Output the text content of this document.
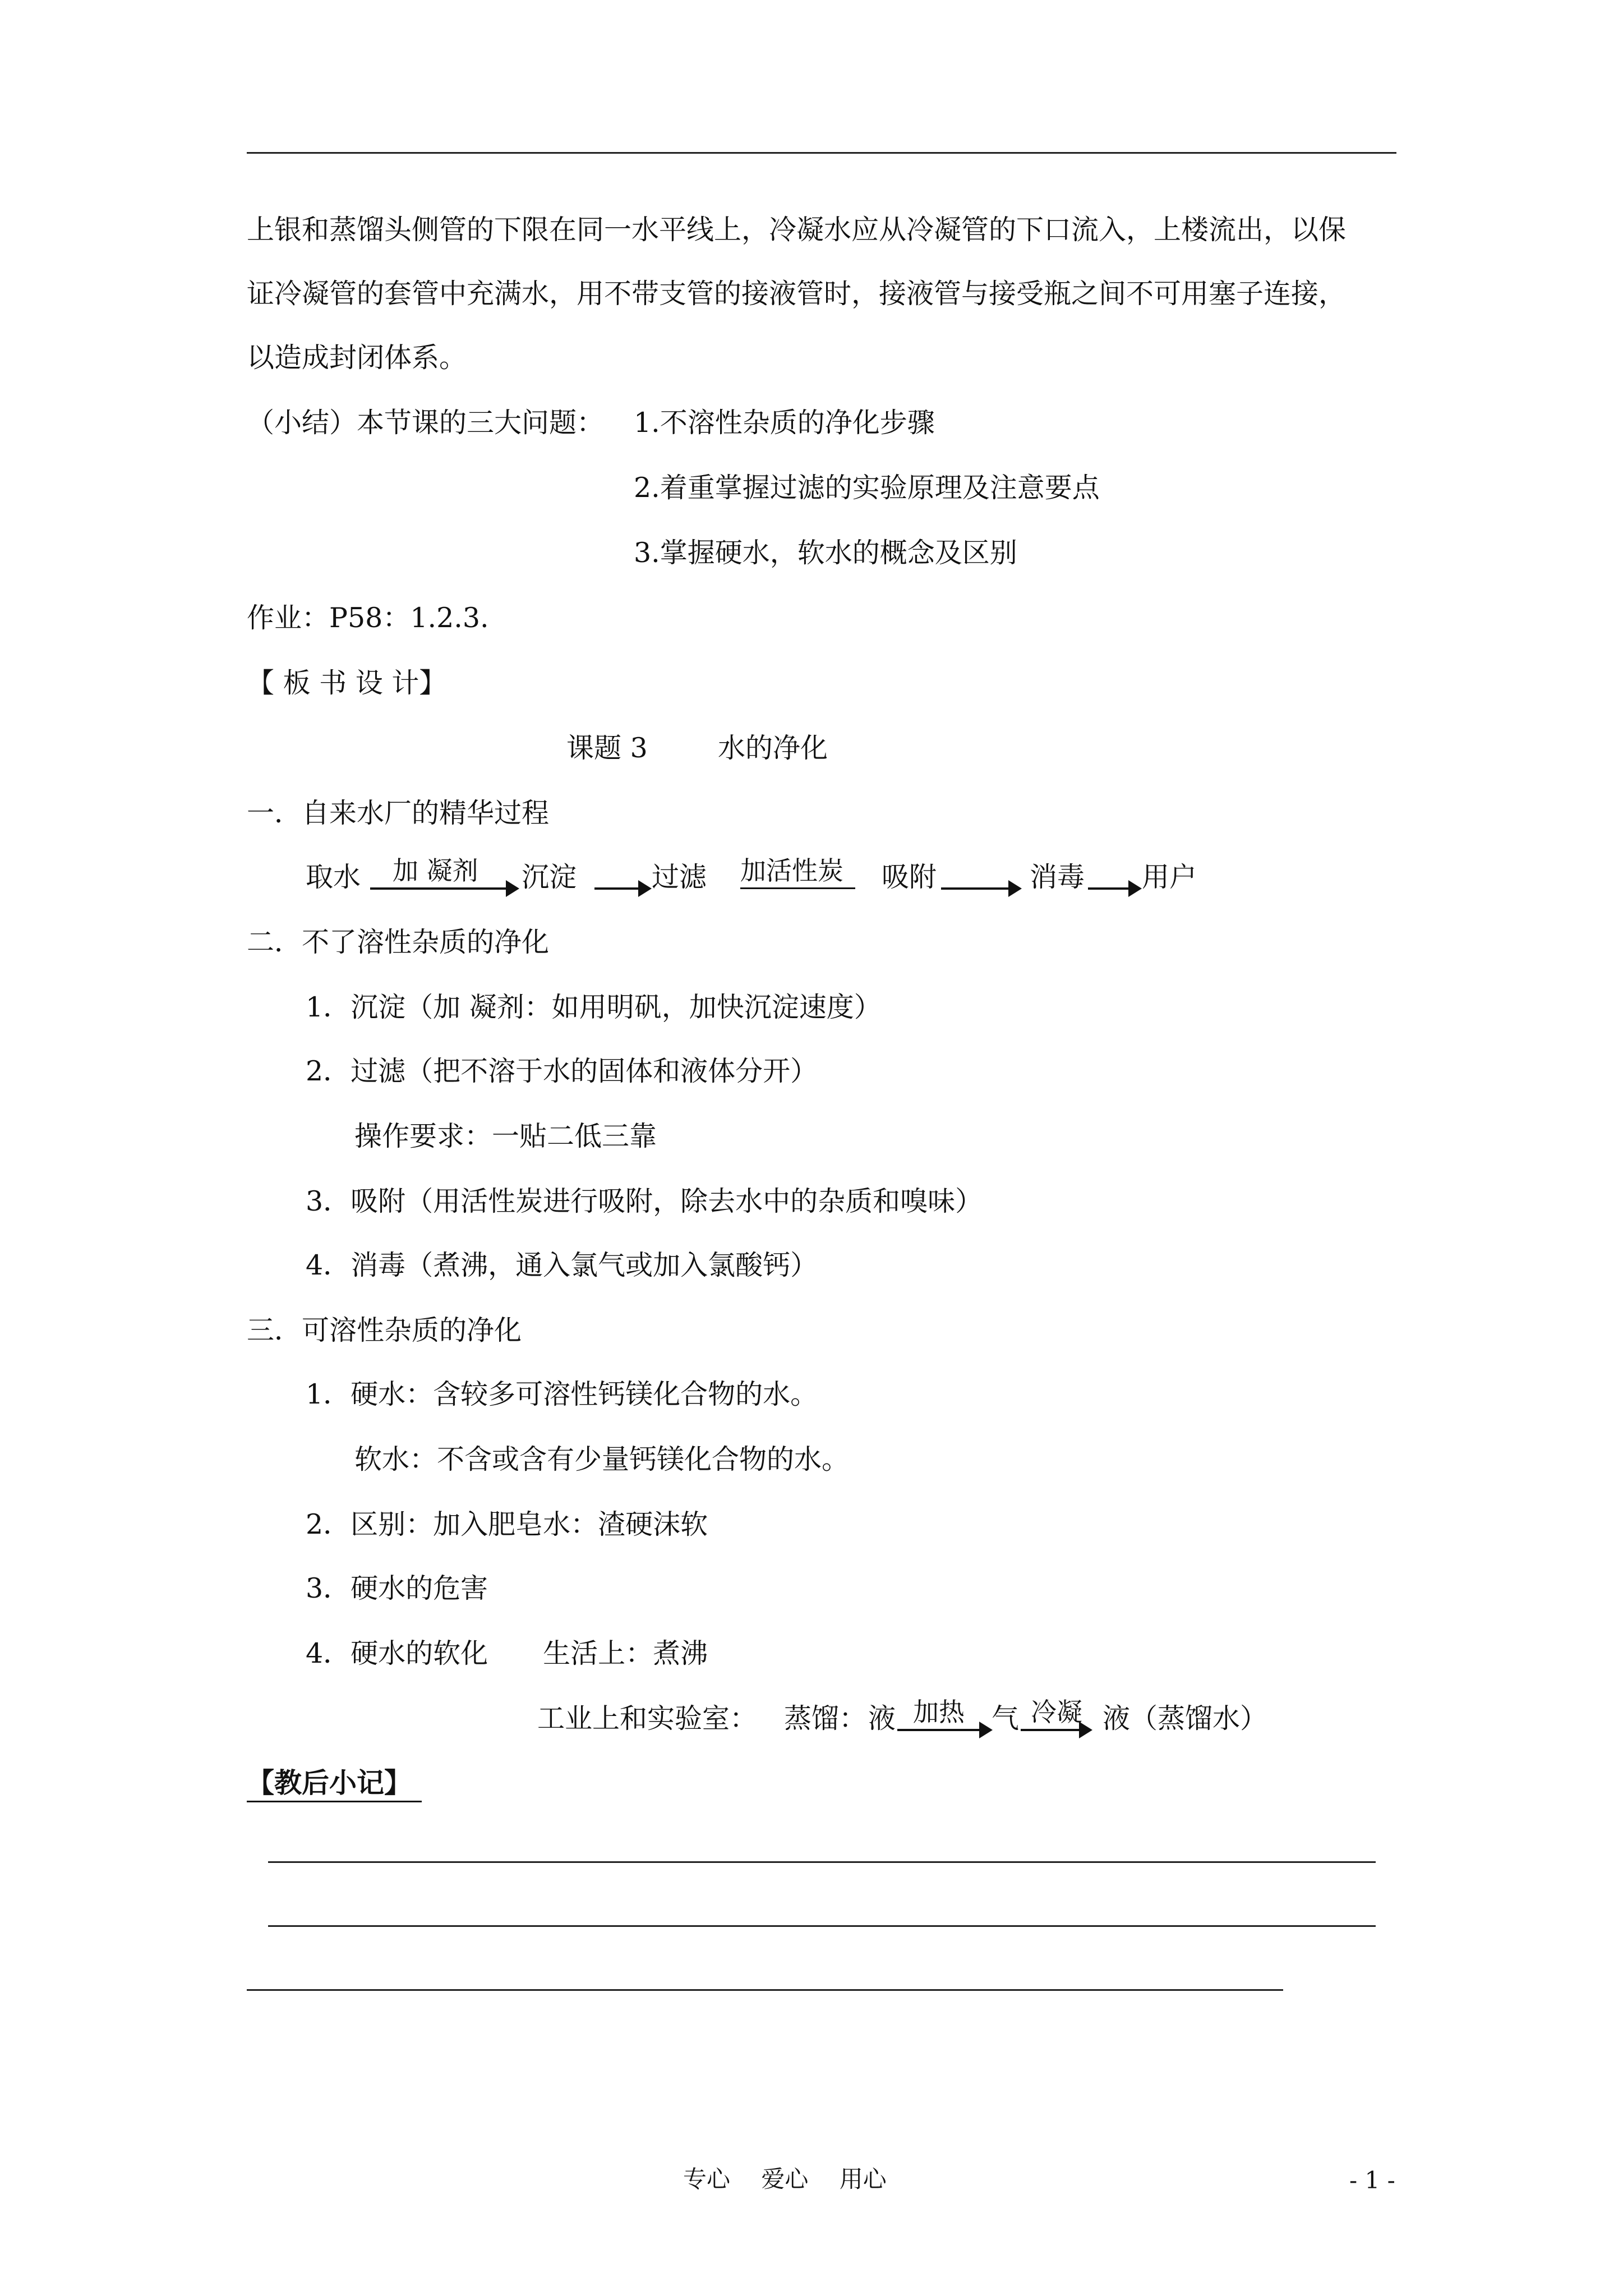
上银和蒸馏头侧管的下限在同一水平线上，冷凝水应从冷凝管的下口流入，上楼流出，以保
证冷凝管的套管中充满水，用不带支管的接液管时，接液管与接受瓶之间不可用塞子连接，
以造成封闭体系。
（小结）本节课的三大问题： 1.不溶性杂质的净化步骤
2.着重掌握过滤的实验原理及注意要点
3.掌握硬水，软水的概念及区别
作业：P58：1.2.3.
【 板 书 设 计】
课题 3	水的净化
一．自来水厂的精华过程
取水 加 凝剂 沉淀	过滤 加活性炭 吸附	消毒 用户
二．不了溶性杂质的净化
1．沉淀（加 凝剂：如用明矾，加快沉淀速度）
2．过滤（把不溶于水的固体和液体分开）
操作要求：一贴二低三靠
3．吸附（用活性炭进行吸附，除去水中的杂质和嗅味）
4．消毒（煮沸，通入氯气或加入氯酸钙）
三．可溶性杂质的净化
1．硬水：含较多可溶性钙镁化合物的水。
软水：不含或含有少量钙镁化合物的水。
2．区别：加入肥皂水：渣硬沫软
3．硬水的危害
4．硬水的软化　　生活上：煮沸
工业上和实验室： 蒸馏： 液 加热 气 冷凝 液（蒸馏水）
【教后小记】
专心　 爱心　 用心	- 1 -
